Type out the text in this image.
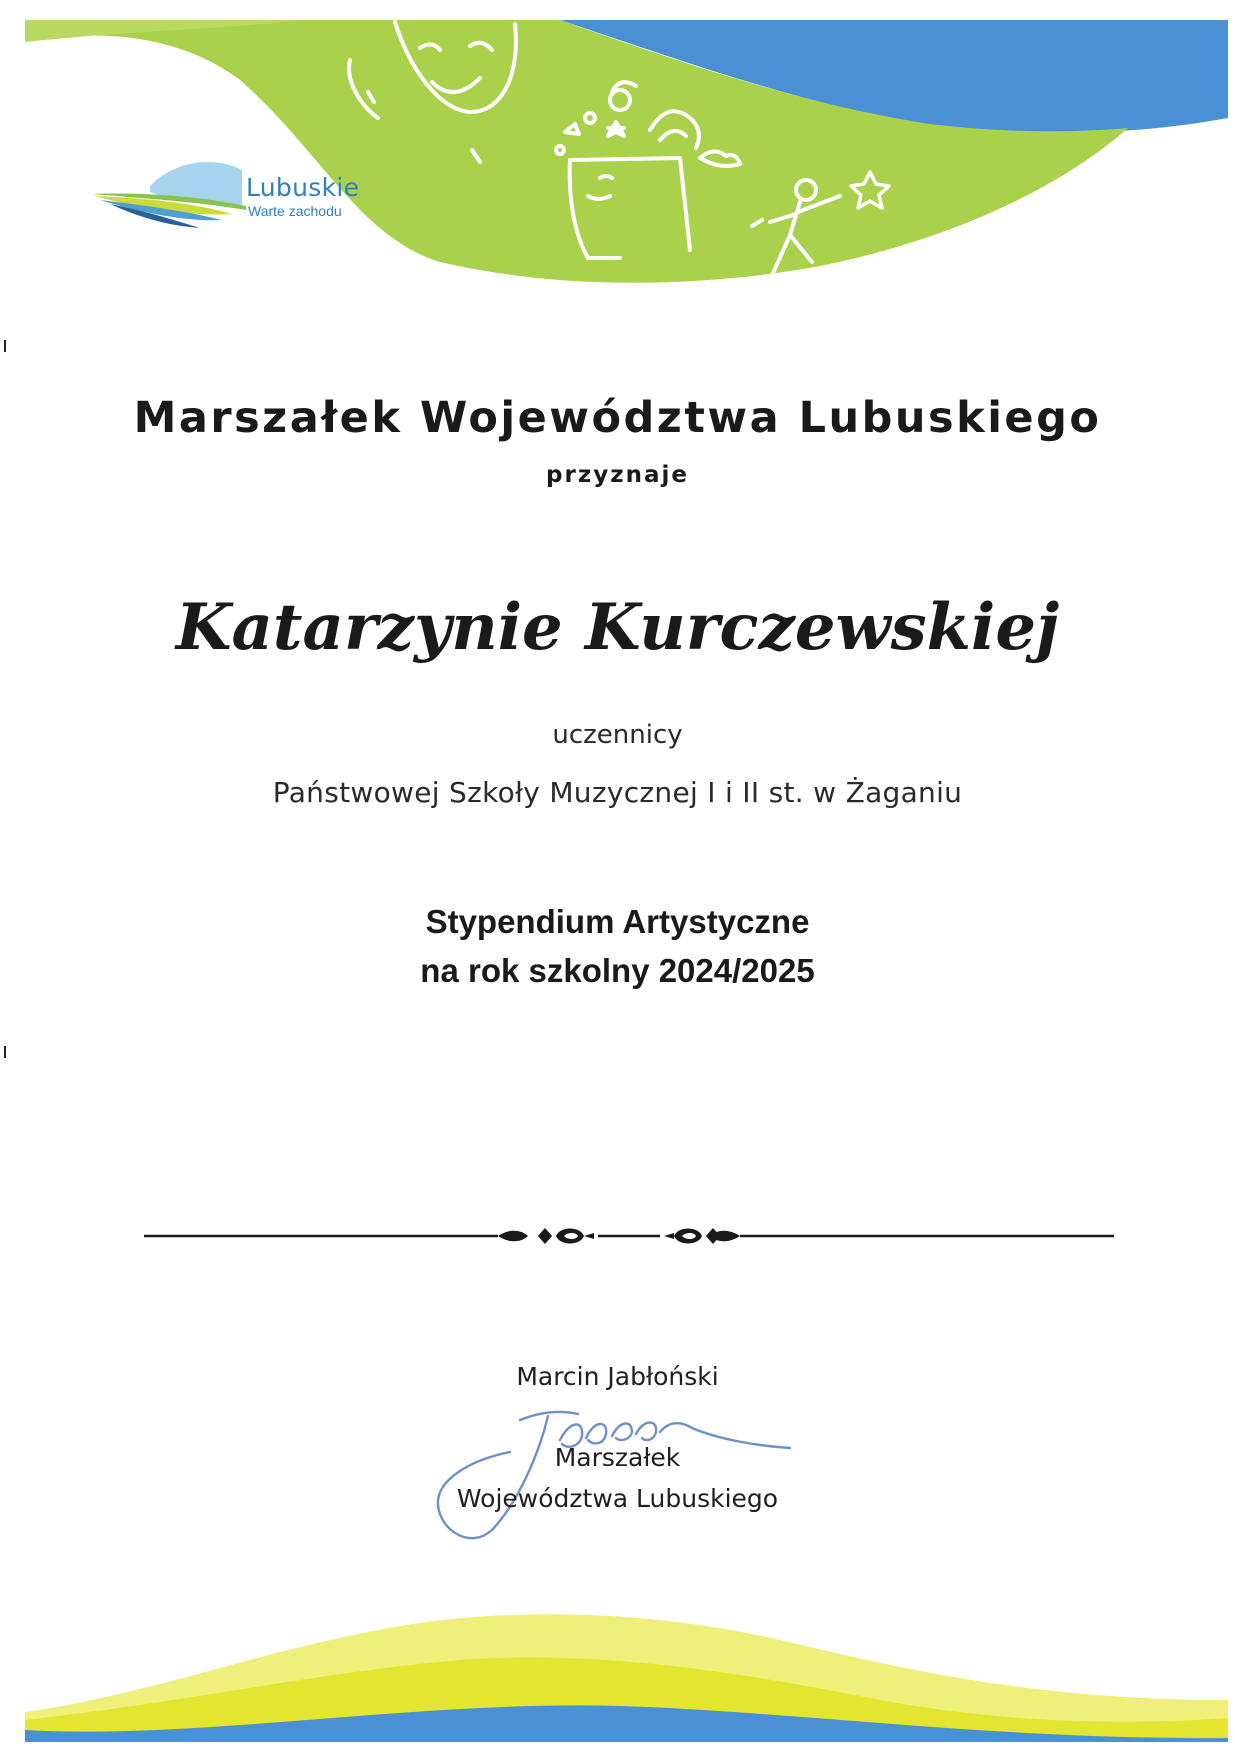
Lubuskie
Warte zachodu
Marszałek Województwa Lubuskiego
przyznaje
Katarzynie Kurczewskiej
uczennicy
Państwowej Szkoły Muzycznej I i II st. w Żaganiu
Stypendium Artystyczne
na rok szkolny 2024/2025
Marcin Jabłoński
Marszałek
Województwa Lubuskiego
